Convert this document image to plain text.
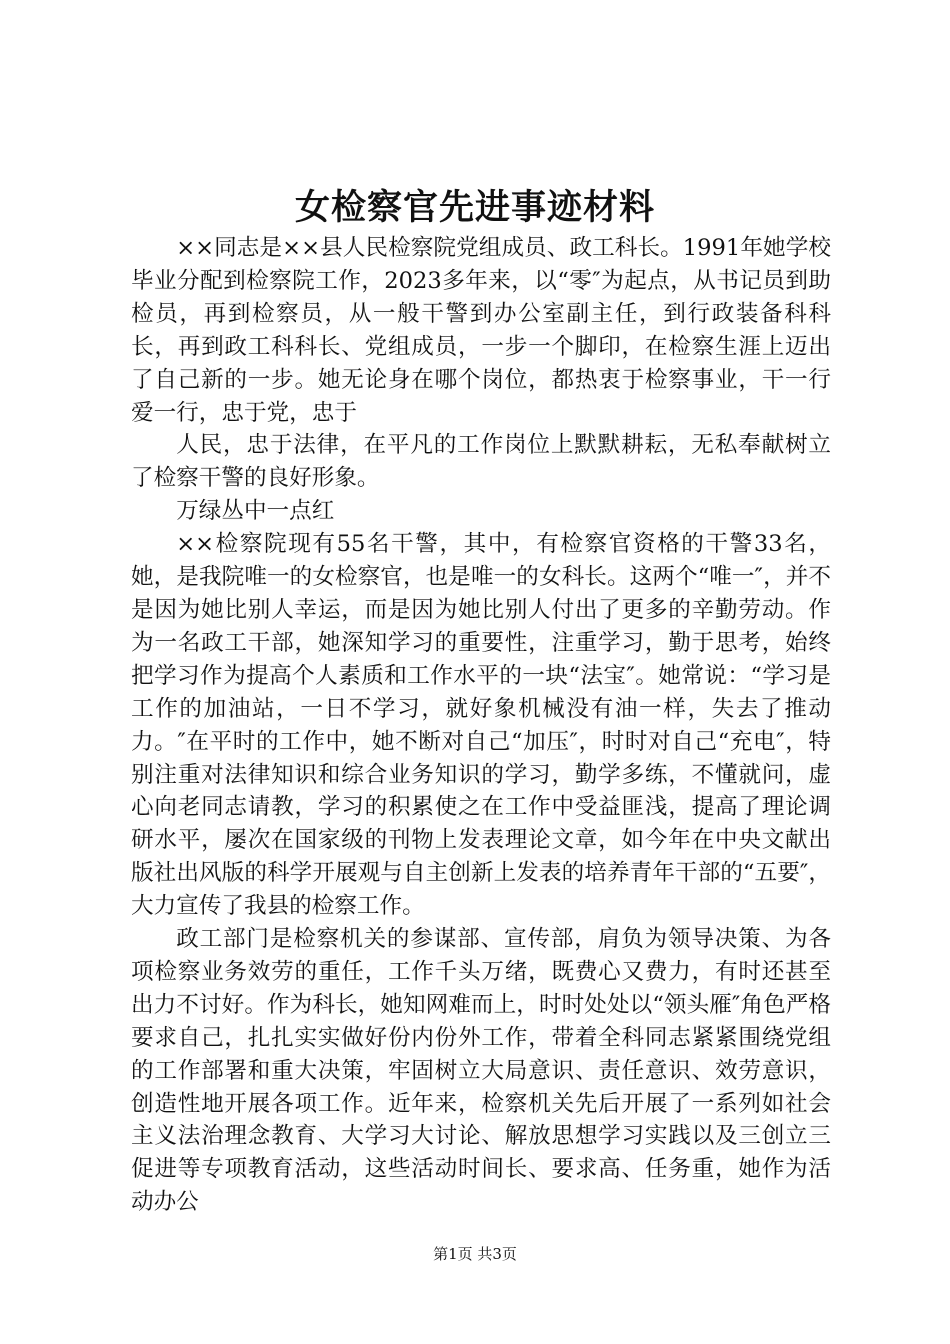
女检察官先进事迹材料

××同志是××县人民检察院党组成员、政工科长。1991年她学校毕业分配到检察院工作，2023多年来，以“零″为起点，从书记员到助检员，再到检察员，从一般干警到办公室副主任，到行政装备科科长，再到政工科科长、党组成员，一步一个脚印，在检察生涯上迈出了自己新的一步。她无论身在哪个岗位，都热衷于检察事业，干一行爱一行，忠于党，忠于

人民，忠于法律，在平凡的工作岗位上默默耕耘，无私奉献树立了检察干警的良好形象。

万绿丛中一点红

××检察院现有55名干警，其中，有检察官资格的干警33名，她，是我院唯一的女检察官，也是唯一的女科长。这两个“唯一″，并不是因为她比别人幸运，而是因为她比别人付出了更多的辛勤劳动。作为一名政工干部，她深知学习的重要性，注重学习，勤于思考，始终把学习作为提高个人素质和工作水平的一块“法宝″。她常说：“学习是工作的加油站，一日不学习，就好象机械没有油一样，失去了推动力。″在平时的工作中，她不断对自己“加压″，时时对自己“充电″，特别注重对法律知识和综合业务知识的学习，勤学多练，不懂就问，虚心向老同志请教，学习的积累使之在工作中受益匪浅，提高了理论调研水平，屡次在国家级的刊物上发表理论文章，如今年在中央文献出版社出风版的科学开展观与自主创新上发表的培养青年干部的“五要″，大力宣传了我县的检察工作。

政工部门是检察机关的参谋部、宣传部，肩负为领导决策、为各项检察业务效劳的重任，工作千头万绪，既费心又费力，有时还甚至出力不讨好。作为科长，她知网难而上，时时处处以“领头雁″角色严格要求自己，扎扎实实做好份内份外工作，带着全科同志紧紧围绕党组的工作部署和重大决策，牢固树立大局意识、责任意识、效劳意识，创造性地开展各项工作。近年来，检察机关先后开展了一系列如社会主义法治理念教育、大学习大讨论、解放思想学习实践以及三创立三促进等专项教育活动，这些活动时间长、要求高、任务重，她作为活动办公

第1页 共3页
